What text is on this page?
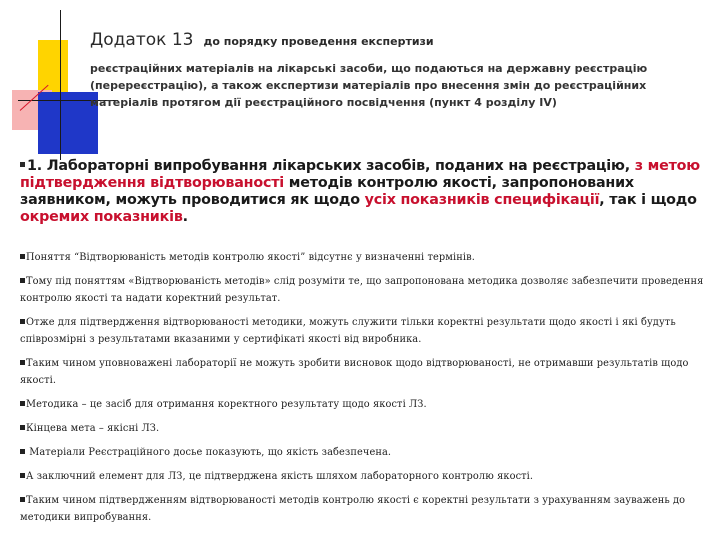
Додаток 13 до порядку проведення експертизи
реєстраційних матеріалів на лікарські засоби, що подаються на державну реєстрацію (перереєстрацію), а також експертизи матеріалів про внесення змін до реєстраційних матеріалів протягом дії реєстраційного посвідчення (пункт 4 розділу IV)
1. Лабораторні випробування лікарських засобів, поданих на реєстрацію, з метою підтвердження відтворюваності методів контролю якості, запропонованих заявником, можуть проводитися як щодо усіх показників специфікації, так і щодо окремих показників.

Поняття “Відтворюваність методів контролю якості” відсутнє у визначенні термінів.

Тому під поняттям «Відтворюваність методів» слід розуміти те, що запропонована методика дозволяє забезпечити проведення контролю якості та надати коректний результат.

Отже для підтвердження відтворюваності методики, можуть служити тільки коректні результати щодо якості і які будуть співрозмірні з результатами вказаними у сертифікаті якості від виробника.

Таким чином уповноважені лабораторії не можуть зробити висновок щодо відтворюваності, не отримавши результатів щодо якості.

Методика – це засіб для отримання коректного результату щодо якості ЛЗ.

Кінцева мета – якісні ЛЗ.

Матеріали Реєстраційного досье показують, що якість забезпечена.

А заключний елемент для ЛЗ, це підтверджена якість шляхом лабораторного контролю якості.

Таким чином підтвердженням відтворюваності методів контролю якості є коректні результати з урахуванням зауважень до методики випробування.
